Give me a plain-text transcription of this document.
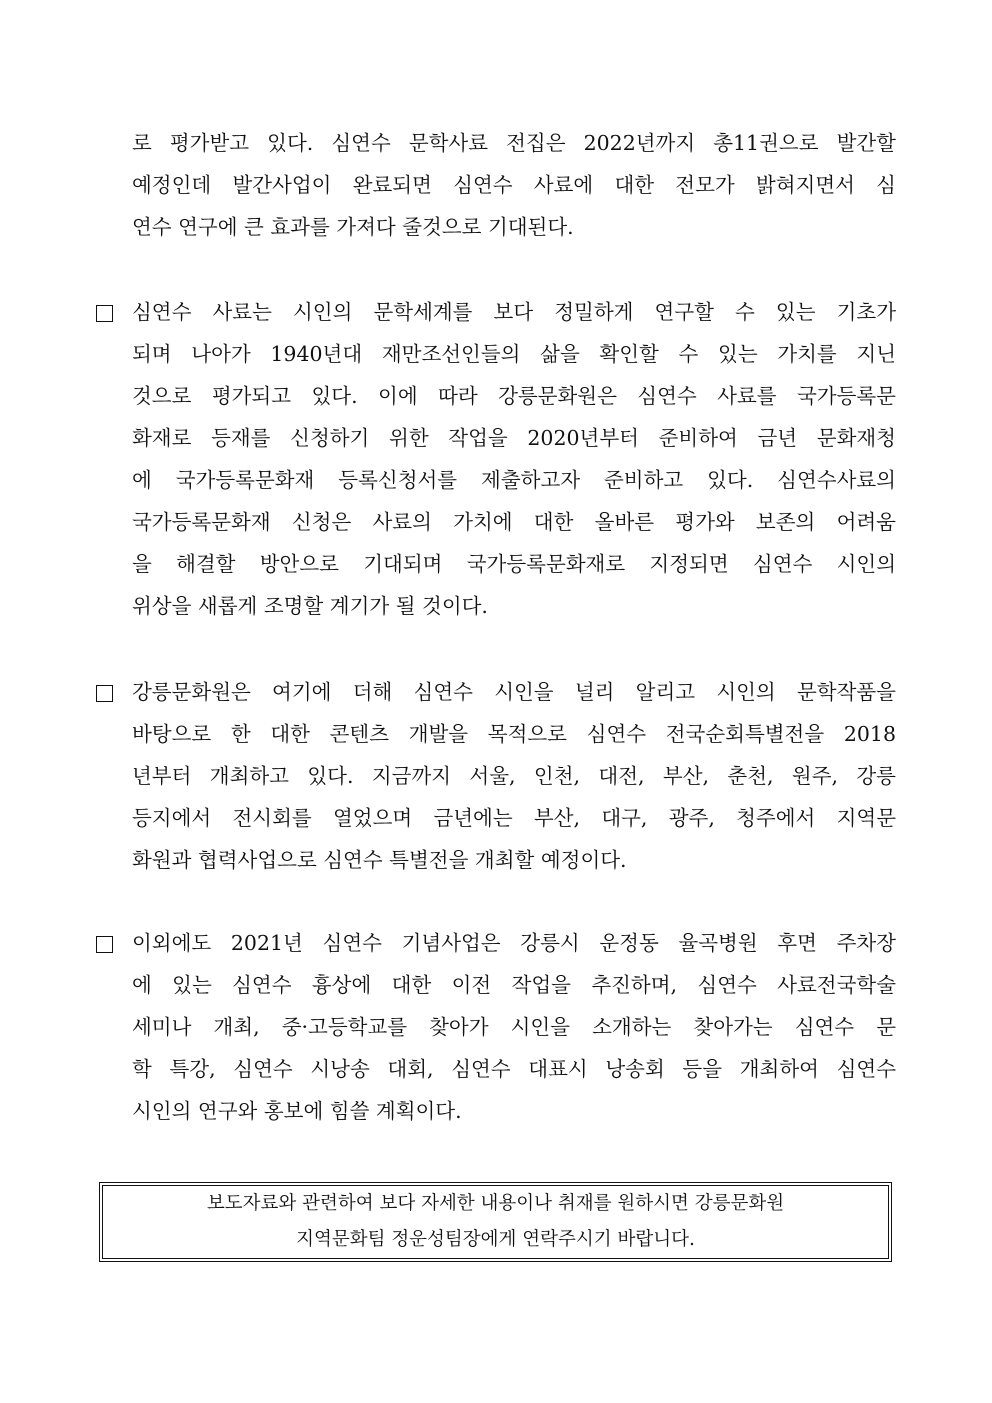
로 평가받고 있다. 심연수 문학사료 전집은 2022년까지 총11권으로 발간할
예정인데 발간사업이 완료되면 심연수 사료에 대한 전모가 밝혀지면서 심
연수 연구에 큰 효과를 가져다 줄것으로 기대된다.
심연수 사료는 시인의 문학세계를 보다 정밀하게 연구할 수 있는 기초가
되며 나아가 1940년대 재만조선인들의 삶을 확인할 수 있는 가치를 지닌
것으로 평가되고 있다. 이에 따라 강릉문화원은 심연수 사료를 국가등록문
화재로 등재를 신청하기 위한 작업을 2020년부터 준비하여 금년 문화재청
에 국가등록문화재 등록신청서를 제출하고자 준비하고 있다. 심연수사료의
국가등록문화재 신청은 사료의 가치에 대한 올바른 평가와 보존의 어려움
을 해결할 방안으로 기대되며 국가등록문화재로 지정되면 심연수 시인의
위상을 새롭게 조명할 계기가 될 것이다.
강릉문화원은 여기에 더해 심연수 시인을 널리 알리고 시인의 문학작품을
바탕으로 한 대한 콘텐츠 개발을 목적으로 심연수 전국순회특별전을 2018
년부터 개최하고 있다. 지금까지 서울, 인천, 대전, 부산, 춘천, 원주, 강릉
등지에서 전시회를 열었으며 금년에는 부산, 대구, 광주, 청주에서 지역문
화원과 협력사업으로 심연수 특별전을 개최할 예정이다.
이외에도 2021년 심연수 기념사업은 강릉시 운정동 율곡병원 후면 주차장
에 있는 심연수 흉상에 대한 이전 작업을 추진하며, 심연수 사료전국학술
세미나 개최, 중·고등학교를 찾아가 시인을 소개하는 찾아가는 심연수 문
학 특강, 심연수 시낭송 대회, 심연수 대표시 낭송회 등을 개최하여 심연수
시인의 연구와 홍보에 힘쓸 계획이다.
보도자료와 관련하여 보다 자세한 내용이나 취재를 원하시면 강릉문화원
지역문화팀 정운성팀장에게 연락주시기 바랍니다.
